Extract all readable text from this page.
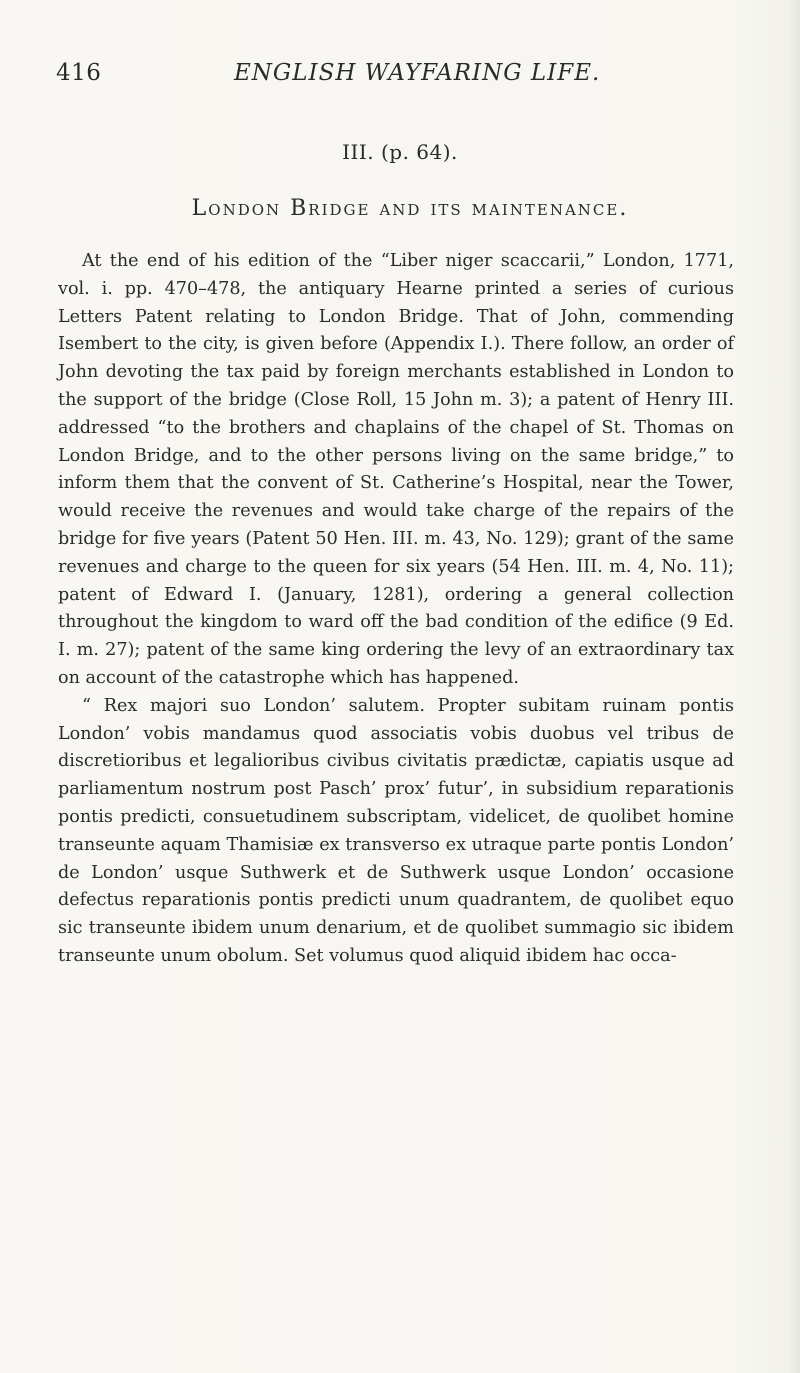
416	ENGLISH WAYFARING LIFE.
III. (p. 64).
London Bridge and its maintenance.

At the end of his edition of the “Liber niger scaccarii,” London, 1771, vol. i. pp. 470–478, the antiquary Hearne printed a series of curious Letters Patent relating to London Bridge. That of John, commending Isembert to the city, is given before (Appendix I.). There follow, an order of John devoting the tax paid by foreign merchants established in London to the support of the bridge (Close Roll, 15 John m. 3); a patent of Henry III. addressed “to the brothers and chaplains of the chapel of St. Thomas on London Bridge, and to the other persons living on the same bridge,” to inform them that the convent of St. Catherine’s Hospital, near the Tower, would receive the revenues and would take charge of the repairs of the bridge for five years (Patent 50 Hen. III. m. 43, No. 129); grant of the same revenues and charge to the queen for six years (54 Hen. III. m. 4, No. 11); patent of Edward I. (January, 1281), ordering a general collection throughout the kingdom to ward off the bad condition of the edifice (9 Ed. I. m. 27); patent of the same king ordering the levy of an extraordinary tax on account of the catastrophe which has happened.

“ Rex majori suo London’ salutem. Propter subitam ruinam pontis London’ vobis mandamus quod associatis vobis duobus vel tribus de discretioribus et legalioribus civibus civitatis prædictæ, capiatis usque ad parliamentum nostrum post Pasch’ prox’ futur’, in subsidium reparationis pontis predicti, consuetudinem subscriptam, videlicet, de quolibet homine transeunte aquam Thamisiæ ex transverso ex utraque parte pontis London’ de London’ usque Suthwerk et de Suthwerk usque London’ occasione defectus reparationis pontis predicti unum quadrantem, de quolibet equo sic transeunte ibidem unum denarium, et de quolibet summagio sic ibidem transeunte unum obolum. Set volumus quod aliquid ibidem hac occa-
